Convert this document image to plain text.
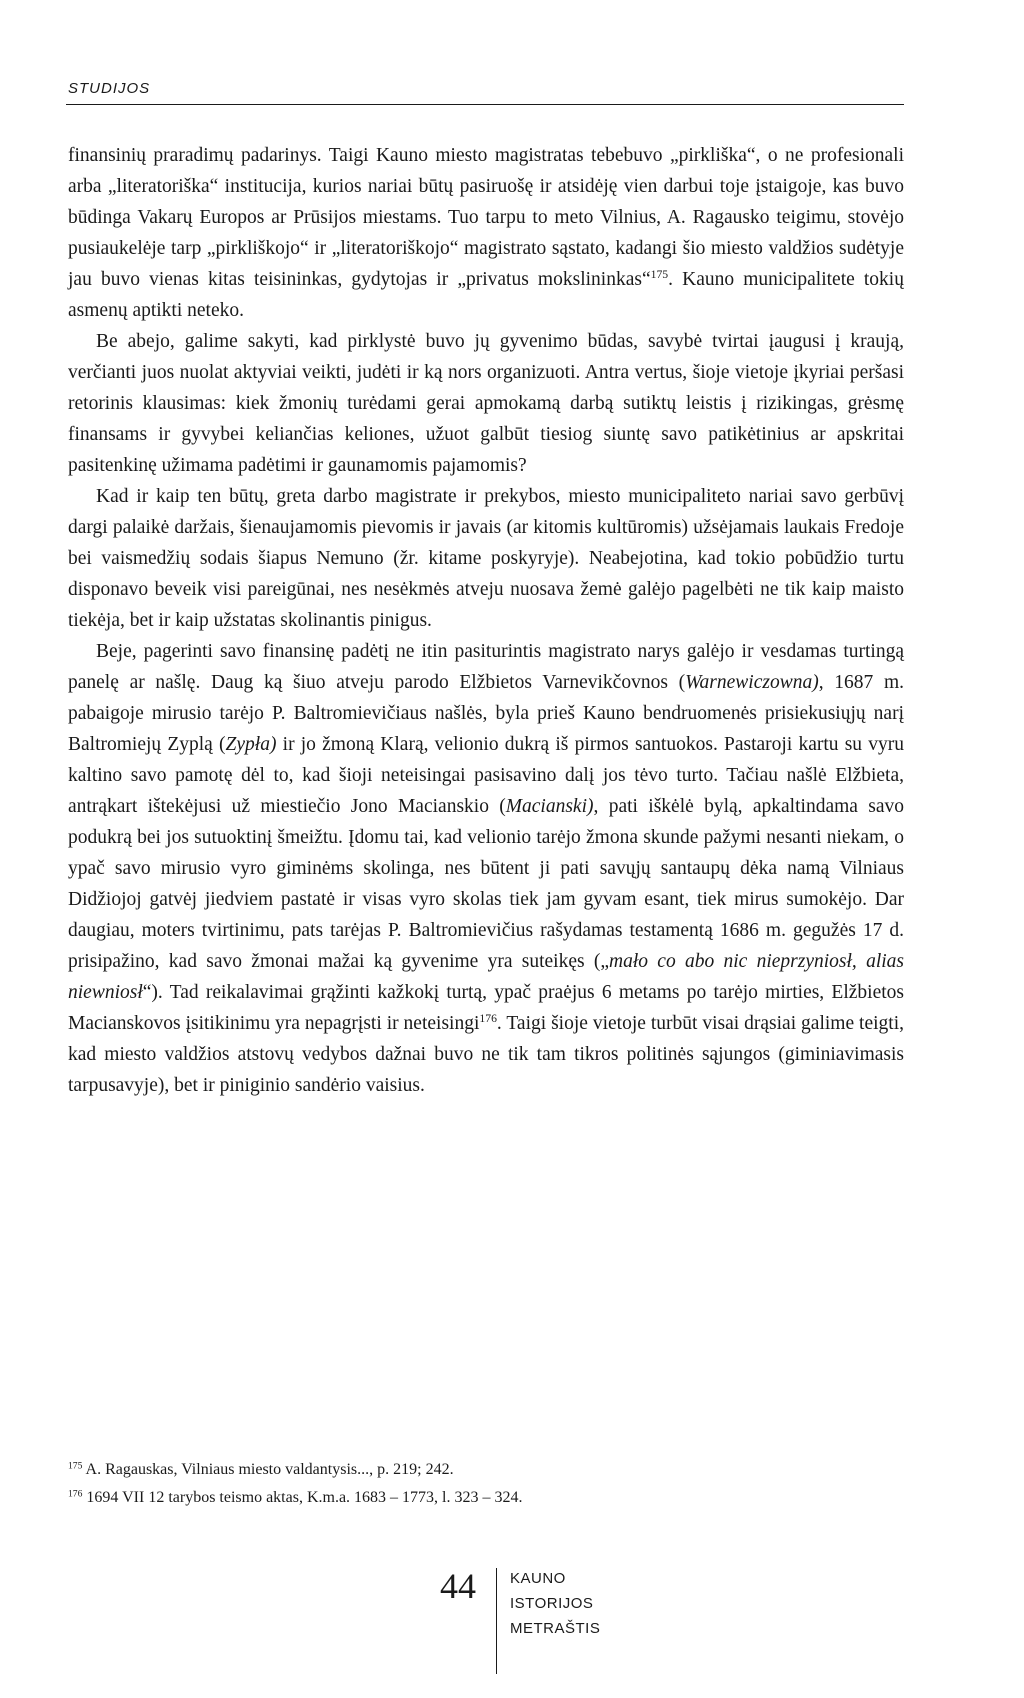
STUDIJOS

finansinių praradimų padarinys. Taigi Kauno miesto magistratas tebebuvo „pirkliška“, o ne profesionali arba „literatoriška“ institucija, kurios nariai būtų pasiruošę ir atsidėję vien darbui toje įstaigoje, kas buvo būdinga Vakarų Europos ar Prūsijos miestams. Tuo tarpu to meto Vilnius, A. Ragausko teigimu, stovėjo pusiaukelėje tarp „pirkliškojo“ ir „literatoriškojo“ magistrato sąstato, kadangi šio miesto valdžios sudėtyje jau buvo vienas kitas teisininkas, gydytojas ir „privatus mokslininkas“$^{175}$. Kauno municipalitete tokių asmenų aptikti neteko.

Be abejo, galime sakyti, kad pirklystė buvo jų gyvenimo būdas, savybė tvirtai įaugusi į kraują, verčianti juos nuolat aktyviai veikti, judėti ir ką nors organizuoti. Antra vertus, šioje vietoje įkyriai peršasi retorinis klausimas: kiek žmonių turėdami gerai apmokamą darbą sutiktų leistis į rizikingas, grėsmę finansams ir gyvybei keliančias keliones, užuot galbūt tiesiog siuntę savo patikėtinius ar apskritai pasitenkinę užimama padėtimi ir gaunamomis pajamomis?

Kad ir kaip ten būtų, greta darbo magistrate ir prekybos, miesto municipaliteto nariai savo gerbūvį dargi palaikė daržais, šienaujamomis pievomis ir javais (ar kitomis kultūromis) užsėjamais laukais Fredoje bei vaismedžių sodais šiapus Nemuno (žr. kitame poskyryje). Neabejotina, kad tokio pobūdžio turtu disponavo beveik visi pareigūnai, nes nesėkmės atveju nuosava žemė galėjo pagelbėti ne tik kaip maisto tiekėja, bet ir kaip užstatas skolinantis pinigus.

Beje, pagerinti savo finansinę padėtį ne itin pasiturintis magistrato narys galėjo ir vesdamas turtingą panelę ar našlę. Daug ką šiuo atveju parodo Elžbietos Varnevikčovnos (Warnewiczowna), 1687 m. pabaigoje mirusio tarėjo P. Baltromievičiaus našlės, byla prieš Kauno bendruomenės prisiekusiųjų narį Baltromiejų Zyplą (Zypła) ir jo žmoną Klarą, velionio dukrą iš pirmos santuokos. Pastaroji kartu su vyru kaltino savo pamotę dėl to, kad šioji neteisingai pasisavino dalį jos tėvo turto. Tačiau našlė Elžbieta, antrąkart ištekėjusi už miestiečio Jono Macianskio (Macianski), pati iškėlė bylą, apkaltindama savo podukrą bei jos sutuoktinį šmeižtu. Įdomu tai, kad velionio tarėjo žmona skunde pažymi nesanti niekam, o ypač savo mirusio vyro giminėms skolinga, nes būtent ji pati savųjų santaupų dėka namą Vilniaus Didžiojoj gatvėj jiedviem pastatė ir visas vyro skolas tiek jam gyvam esant, tiek mirus sumokėjo. Dar daugiau, moters tvirtinimu, pats tarėjas P. Baltromievičius rašydamas testamentą 1686 m. gegužės 17 d. prisipažino, kad savo žmonai mažai ką gyvenime yra suteikęs („mało co abo nic nieprzyniosł, alias niewniosł“). Tad reikalavimai grąžinti kažkokį turtą, ypač praėjus 6 metams po tarėjo mirties, Elžbietos Macianskovos įsitikinimu yra nepagrįsti ir neteisingi$^{176}$. Taigi šioje vietoje turbūt visai drąsiai galime teigti, kad miesto valdžios atstovų vedybos dažnai buvo ne tik tam tikros politinės sąjungos (giminiavimasis tarpusavyje), bet ir piniginio sandėrio vaisius.

$^{175}$ A. Ragauskas, Vilniaus miesto valdantysis..., p. 219; 242.

$^{176}$ 1694 VII 12 tarybos teismo aktas, K.m.a. 1683 – 1773, l. 323 – 324.

44 KAUNO
ISTORIJOS
METRAŠTIS
